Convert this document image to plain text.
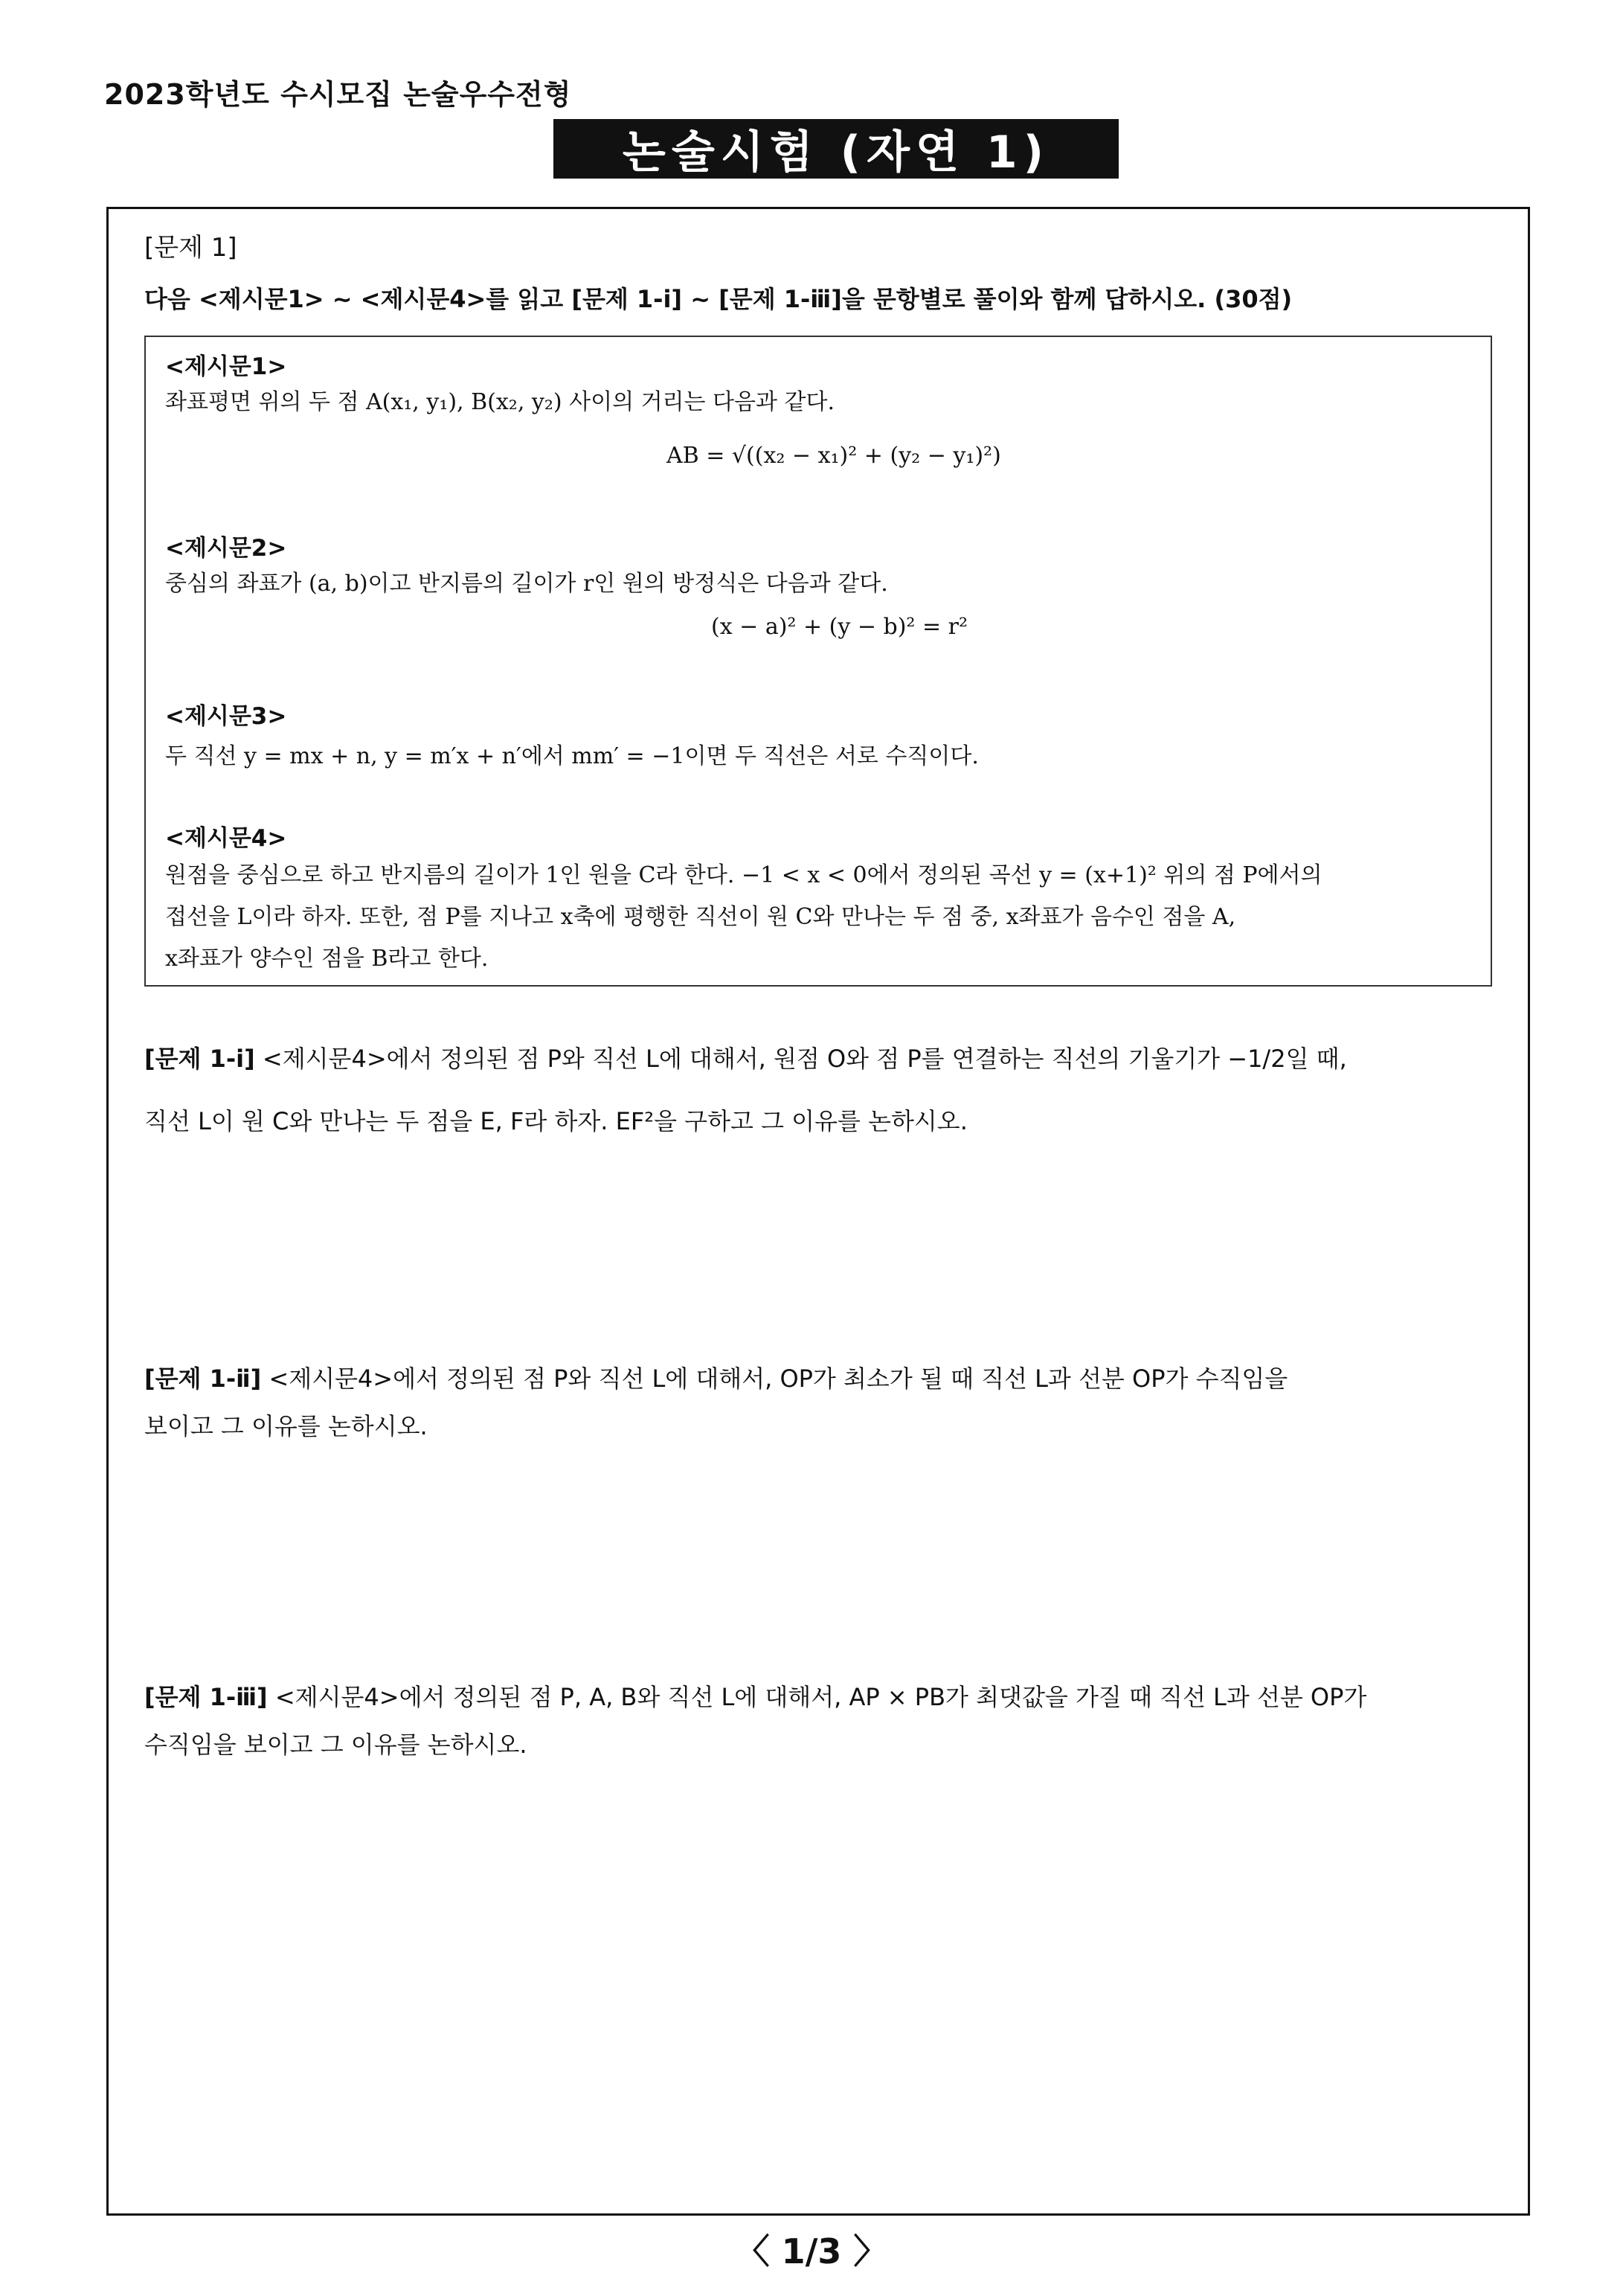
2023학년도 수시모집 논술우수전형
논술시험 (자연 1)
[문제 1]
다음 <제시문1> ~ <제시문4>를 읽고 [문제 1-ⅰ] ~ [문제 1-ⅲ]을 문항별로 풀이와 함께 답하시오. (30점)
<제시문1>
좌표평면 위의 두 점 A(x₁, y₁), B(x₂, y₂) 사이의 거리는 다음과 같다.
AB = √((x₂ − x₁)² + (y₂ − y₁)²)
<제시문2>
중심의 좌표가 (a, b)이고 반지름의 길이가 r인 원의 방정식은 다음과 같다.
(x − a)² + (y − b)² = r²
<제시문3>
두 직선 y = mx + n, y = m′x + n′에서 mm′ = −1이면 두 직선은 서로 수직이다.
<제시문4>
원점을 중심으로 하고 반지름의 길이가 1인 원을 C라 한다. −1 < x < 0에서 정의된 곡선 y = (x+1)² 위의 점 P에서의
접선을 L이라 하자. 또한, 점 P를 지나고 x축에 평행한 직선이 원 C와 만나는 두 점 중, x좌표가 음수인 점을 A,
x좌표가 양수인 점을 B라고 한다.
[문제 1-ⅰ] <제시문4>에서 정의된 점 P와 직선 L에 대해서, 원점 O와 점 P를 연결하는 직선의 기울기가 −1/2일 때,
직선 L이 원 C와 만나는 두 점을 E, F라 하자. EF²을 구하고 그 이유를 논하시오.
[문제 1-ⅱ] <제시문4>에서 정의된 점 P와 직선 L에 대해서, OP가 최소가 될 때 직선 L과 선분 OP가 수직임을
보이고 그 이유를 논하시오.
[문제 1-ⅲ] <제시문4>에서 정의된 점 P, A, B와 직선 L에 대해서, AP × PB가 최댓값을 가질 때 직선 L과 선분 OP가
수직임을 보이고 그 이유를 논하시오.
〈 1/3 〉
